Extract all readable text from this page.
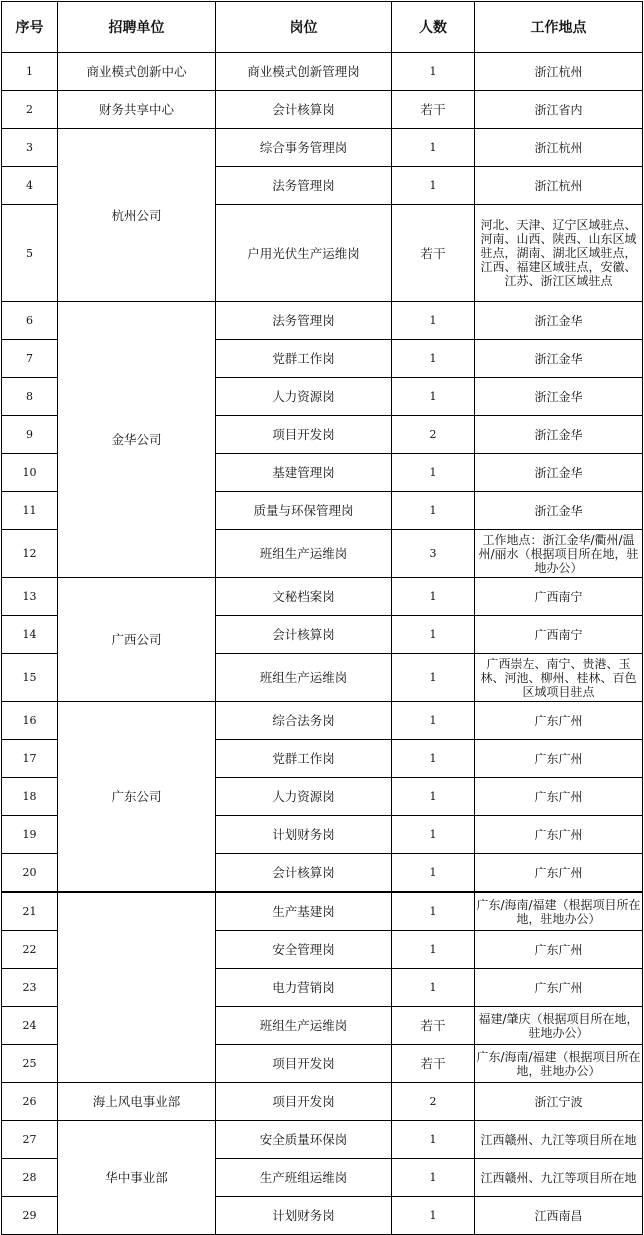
序号	招聘单位	岗位	人数	工作地点
1	商业模式创新中心	商业模式创新管理岗	1	浙江杭州
2	财务共享中心	会计核算岗	若干	浙江省内
3	杭州公司	综合事务管理岗	1	浙江杭州
4		法务管理岗	1	浙江杭州
5		户用光伏生产运维岗	若干	河北、天津、辽宁区域驻点、河南、山西、陕西、山东区域驻点，湖南、湖北区域驻点，江西、福建区域驻点，安徽、江苏、浙江区域驻点
6	金华公司	法务管理岗	1	浙江金华
7		党群工作岗	1	浙江金华
8		人力资源岗	1	浙江金华
9		项目开发岗	2	浙江金华
10		基建管理岗	1	浙江金华
11		质量与环保管理岗	1	浙江金华
12		班组生产运维岗	3	工作地点：浙江金华/衢州/温州/丽水（根据项目所在地，驻地办公）
13	广西公司	文秘档案岗	1	广西南宁
14		会计核算岗	1	广西南宁
15		班组生产运维岗	1	广西崇左、南宁、贵港、玉林、河池、柳州、桂林、百色区域项目驻点
16	广东公司	综合法务岗	1	广东广州
17		党群工作岗	1	广东广州
18		人力资源岗	1	广东广州
19		计划财务岗	1	广东广州
20		会计核算岗	1	广东广州
21		生产基建岗	1	广东/海南/福建（根据项目所在地，驻地办公）
22		安全管理岗	1	广东广州
23		电力营销岗	1	广东广州
24		班组生产运维岗	若干	福建/肇庆（根据项目所在地，驻地办公）
25		项目开发岗	若干	广东/海南/福建（根据项目所在地，驻地办公）
26	海上风电事业部	项目开发岗	2	浙江宁波
27	华中事业部	安全质量环保岗	1	江西赣州、九江等项目所在地
28		生产班组运维岗	1	江西赣州、九江等项目所在地
29		计划财务岗	1	江西南昌
